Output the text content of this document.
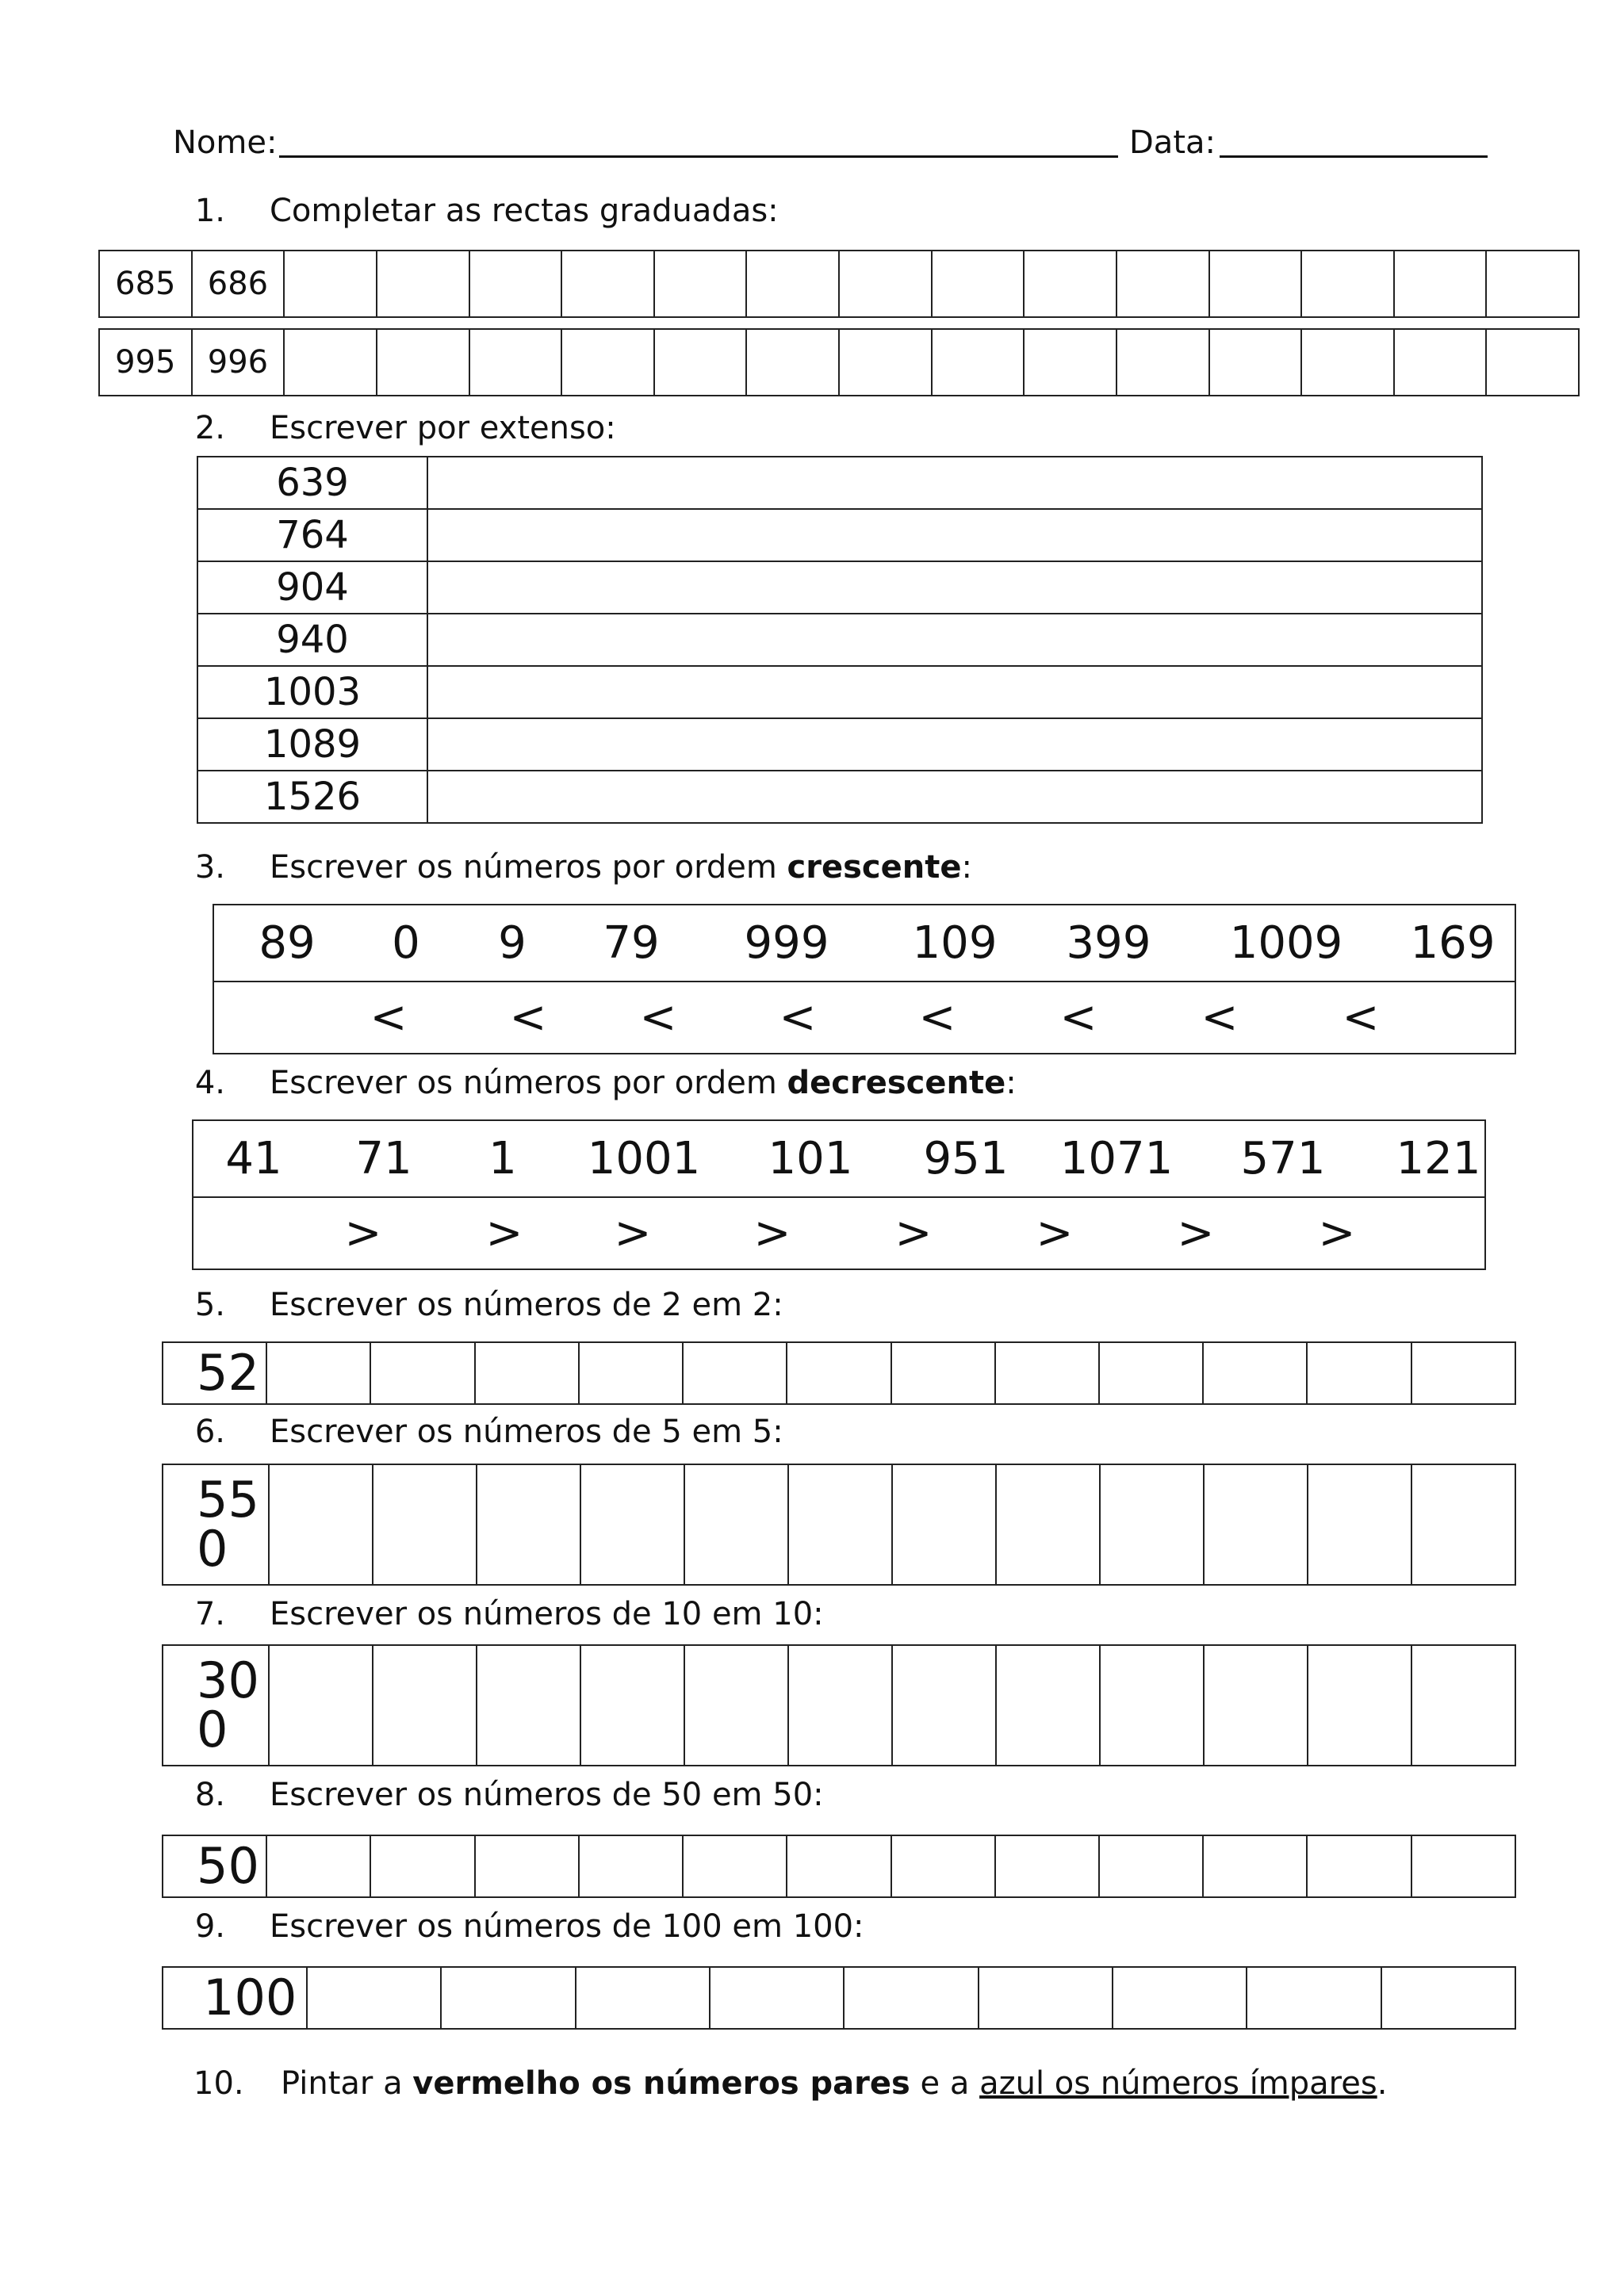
Nome:	Data:
1. Completar as rectas graduadas:
685	686														
995	996														
2. Escrever por extenso:
639	
764	
904	
940	
1003	
1089	
1526	
3. Escrever os números por ordem crescente:
89 0 9 79 999 109 399 1009 169
< < < < < < < <
4. Escrever os números por ordem decrescente:
41 71 1 1001 101 951 1071 571 121
> > > > > > > >
5. Escrever os números de 2 em 2:
52												
6. Escrever os números de 5 em 5:
550												
7. Escrever os números de 10 em 10:
300												
8. Escrever os números de 50 em 50:
50												
9. Escrever os números de 100 em 100:
100									
10. Pintar a vermelho os números pares e a azul os números ímpares.
